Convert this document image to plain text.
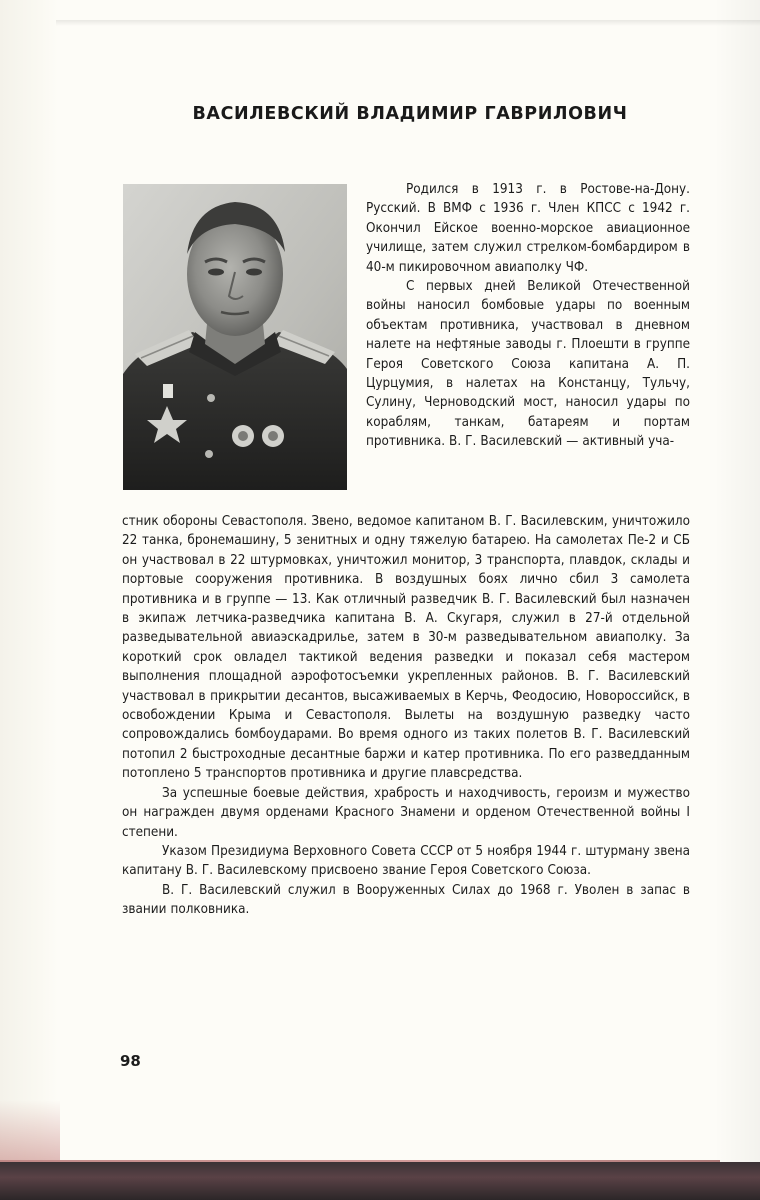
ВАСИЛЕВСКИЙ ВЛАДИМИР ГАВРИЛОВИЧ

Родился в 1913 г. в Ростове-на-Дону. Русский. В ВМФ с 1936 г. Член КПСС с 1942 г. Окончил Ейское военно-морское авиационное училище, затем служил стрелком-бомбардиром в 40-м пикировочном авиаполку ЧФ.

С первых дней Великой Отечественной войны наносил бомбовые удары по военным объектам противника, участвовал в дневном налете на нефтяные заводы г. Плоешти в группе Героя Советского Союза капитана А. П. Цурцумия, в налетах на Констанцу, Тульчу, Сулину, Черноводский мост, наносил удары по кораблям, танкам, батареям и портам противника. В. Г. Василевский — активный уча-

стник обороны Севастополя. Звено, ведомое капитаном В. Г. Василевским, уничтожило 22 танка, бронемашину, 5 зенитных и одну тяжелую батарею. На самолетах Пе-2 и СБ он участвовал в 22 штурмовках, уничтожил монитор, 3 транспорта, плавдок, склады и портовые сооружения противника. В воздушных боях лично сбил 3 самолета противника и в группе — 13. Как отличный разведчик В. Г. Василевский был назначен в экипаж летчика-разведчика капитана В. А. Скугаря, служил в 27-й отдельной разведывательной авиаэскадрилье, затем в 30-м разведывательном авиаполку. За короткий срок овладел тактикой ведения разведки и показал себя мастером выполнения площадной аэрофотосъемки укрепленных районов. В. Г. Василевский участвовал в прикрытии десантов, высаживаемых в Керчь, Феодосию, Новороссийск, в освобождении Крыма и Севастополя. Вылеты на воздушную разведку часто сопровождались бомбоударами. Во время одного из таких полетов В. Г. Василевский потопил 2 быстроходные десантные баржи и катер противника. По его разведданным потоплено 5 транспортов противника и другие плавсредства.

За успешные боевые действия, храбрость и находчивость, героизм и мужество он награжден двумя орденами Красного Знамени и орденом Отечественной войны I степени.

Указом Президиума Верховного Совета СССР от 5 ноября 1944 г. штурману звена капитану В. Г. Василевскому присвоено звание Героя Советского Союза.

В. Г. Василевский служил в Вооруженных Силах до 1968 г. Уволен в запас в звании полковника.

98
